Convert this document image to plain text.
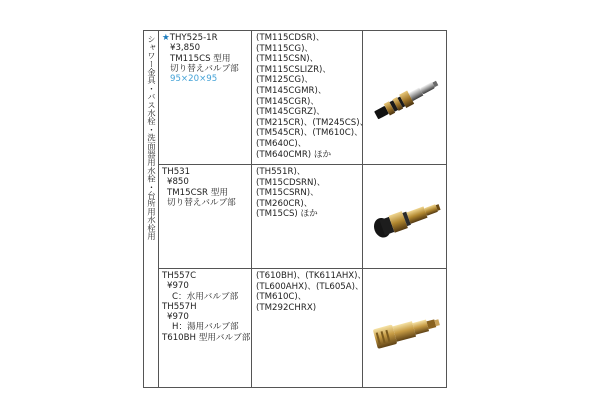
シャワー金具・バス水栓・洗面器用水栓・台所用水栓用 ★THY525-1R
¥3,850
TM115CS 型用
切り替えバルブ部
95×20×95
(TM115CDSR)、
(TM115CG)、
(TM115CSN)、
(TM115CSLIZR)、
(TM125CG)、
(TM145CGMR)、
(TM145CGR)、
(TM145CGRZ)、
(TM215CR)、(TM245CS)、
(TM545CR)、(TM610C)、
(TM640C)、
(TM640CMR) ほか
TH531
¥850
TM15CSR 型用
切り替えバルブ部
(TH551R)、
(TM15CDSRN)、
(TM15CSRN)、
(TM260CR)、
(TM15CS) ほか
TH557C
¥970
C：水用バルブ部
TH557H
¥970
H：湯用バルブ部
T610BH 型用バルブ部
(T610BH)、(TK611AHX)、
(TL600AHX)、(TL605A)、
(TM610C)、
(TM292CHRX)
